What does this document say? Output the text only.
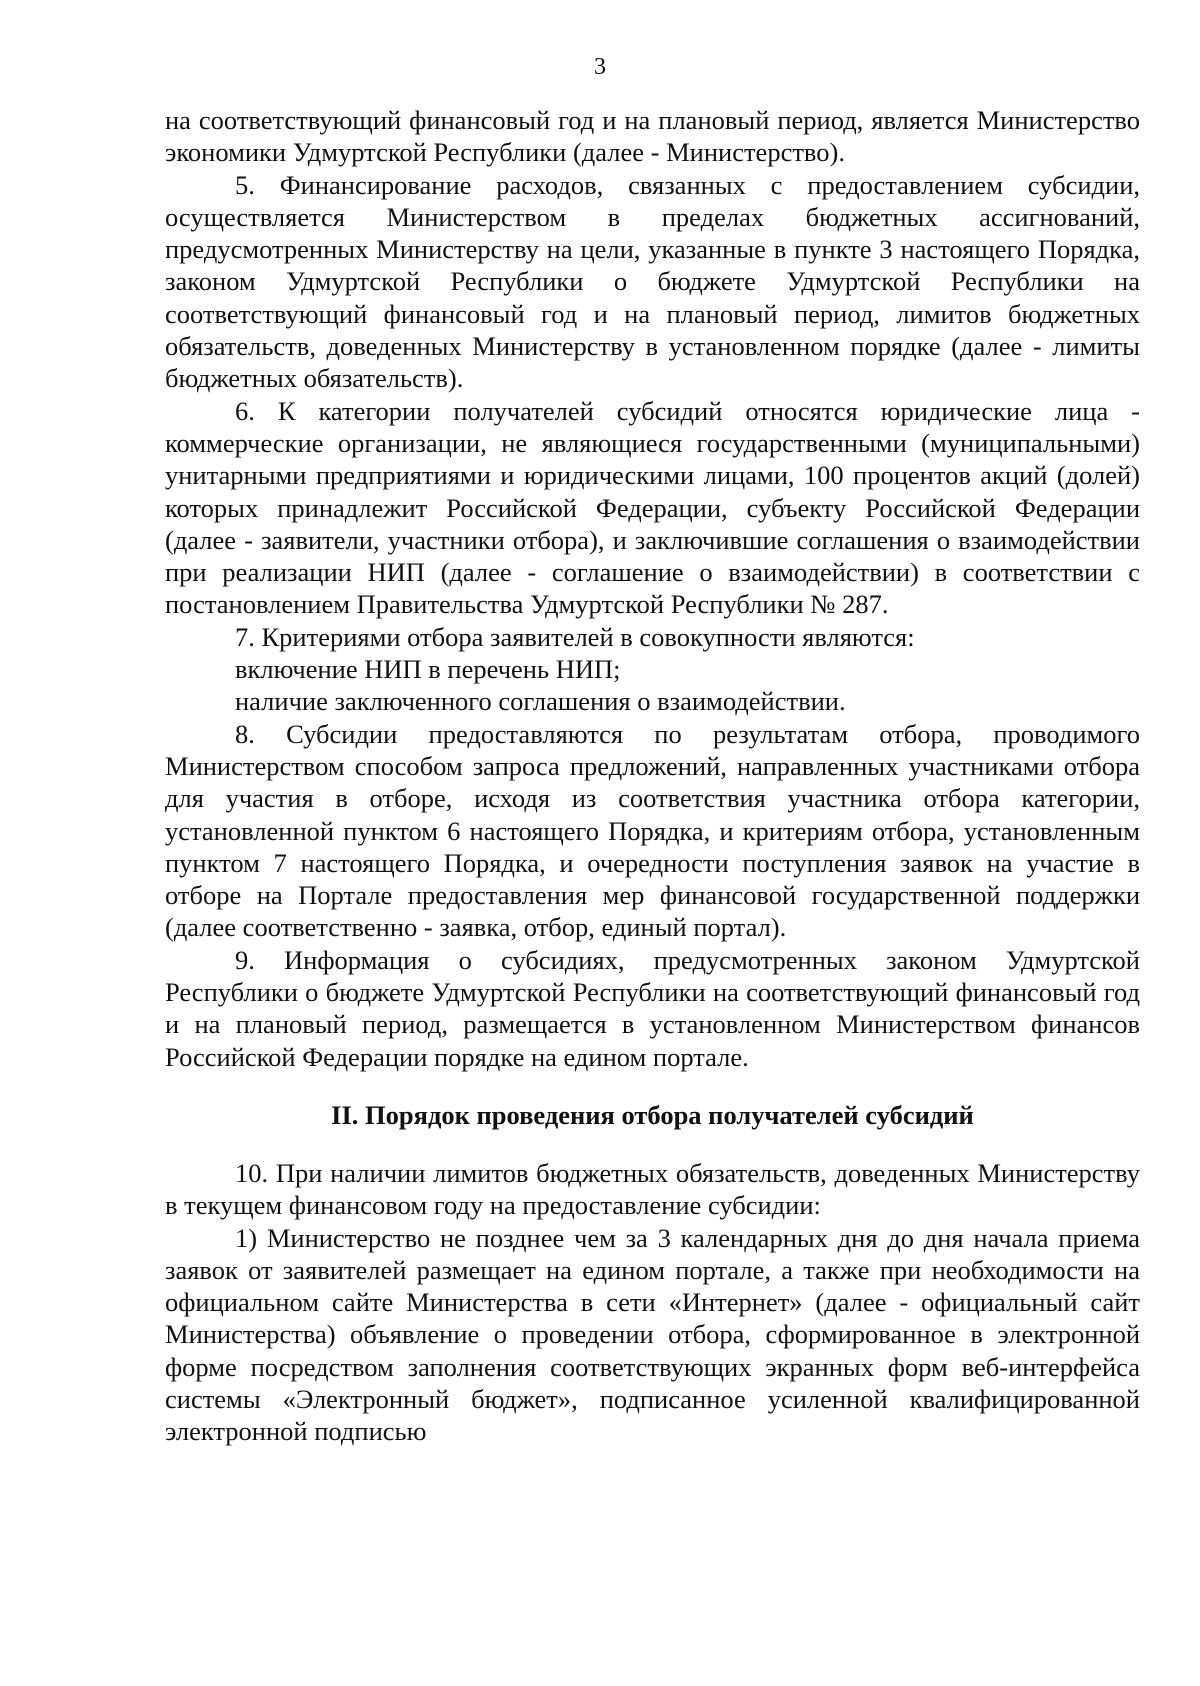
3

на соответствующий финансовый год и на плановый период, является Министерство экономики Удмуртской Республики (далее - Министерство).

5. Финансирование расходов, связанных с предоставлением субсидии, осуществляется Министерством в пределах бюджетных ассигнований, предусмотренных Министерству на цели, указанные в пункте 3 настоящего Порядка, законом Удмуртской Республики о бюджете Удмуртской Республики на соответствующий финансовый год и на плановый период, лимитов бюджетных обязательств, доведенных Министерству в установленном порядке (далее - лимиты бюджетных обязательств).

6. К категории получателей субсидий относятся юридические лица - коммерческие организации, не являющиеся государственными (муниципальными) унитарными предприятиями и юридическими лицами, 100 процентов акций (долей) которых принадлежит Российской Федерации, субъекту Российской Федерации (далее - заявители, участники отбора), и заключившие соглашения о взаимодействии при реализации НИП (далее - соглашение о взаимодействии) в соответствии с постановлением Правительства Удмуртской Республики № 287.

7. Критериями отбора заявителей в совокупности являются:

включение НИП в перечень НИП;

наличие заключенного соглашения о взаимодействии.

8. Субсидии предоставляются по результатам отбора, проводимого Министерством способом запроса предложений, направленных участниками отбора для участия в отборе, исходя из соответствия участника отбора категории, установленной пунктом 6 настоящего Порядка, и критериям отбора, установленным пунктом 7 настоящего Порядка, и очередности поступления заявок на участие в отборе на Портале предоставления мер финансовой государственной поддержки (далее соответственно - заявка, отбор, единый портал).

9. Информация о субсидиях, предусмотренных законом Удмуртской Республики о бюджете Удмуртской Республики на соответствующий финансовый год и на плановый период, размещается в установленном Министерством финансов Российской Федерации порядке на едином портале.

II. Порядок проведения отбора получателей субсидий

10. При наличии лимитов бюджетных обязательств, доведенных Министерству в текущем финансовом году на предоставление субсидии:

1) Министерство не позднее чем за 3 календарных дня до дня начала приема заявок от заявителей размещает на едином портале, а также при необходимости на официальном сайте Министерства в сети «Интернет» (далее - официальный сайт Министерства) объявление о проведении отбора, сформированное в электронной форме посредством заполнения соответствующих экранных форм веб-интерфейса системы «Электронный бюджет», подписанное усиленной квалифицированной электронной подписью
